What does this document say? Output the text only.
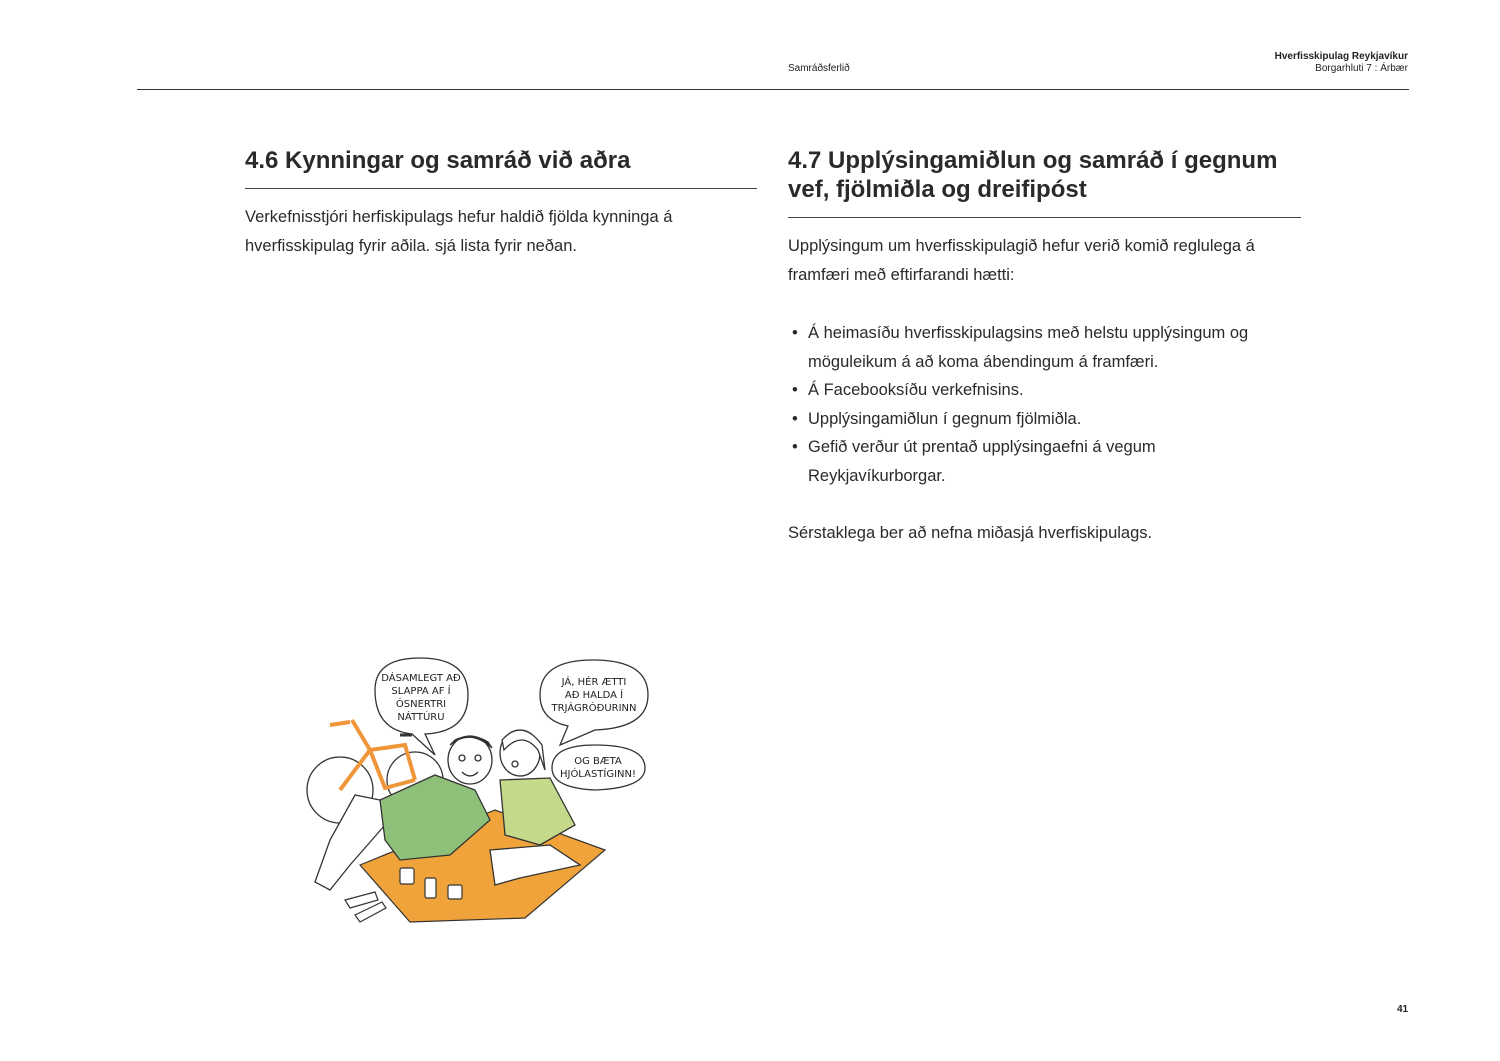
Samráðsferlið
Hverfisskipulag Reykjavíkur
Borgarhluti 7 : Árbær
4.6 Kynningar og samráð við aðra

Verkefnisstjóri herfiskipulags hefur haldið fjölda kynninga á
hverfisskipulag fyrir aðila. sjá lista fyrir neðan.

4.7 Upplýsingamiðlun og samráð í gegnum
vef, fjölmiðla og dreifipóst

Upplýsingum um hverfisskipulagið hefur verið komið reglulega á
framfæri með eftirfarandi hætti:

• Á heimasíðu hverfisskipulagsins með helstu upplýsingum og
möguleikum á að koma ábendingum á framfæri.
• Á Facebooksíðu verkefnisins.
• Upplýsingamiðlun í gegnum fjölmiðla.
• Gefið verður út prentað upplýsingaefni á vegum
Reykjavíkurborgar.

Sérstaklega ber að nefna miðasjá hverfiskipulags.

DÁSAMLEGT AÐ
SLAPPA AF Í
ÓSNERTRI
NÁTTÚRU
JÁ, HÉR ÆTTI
AÐ HALDA Í
TRJÁGRÓÐURINN
OG BÆTA
HJÓLASTÍGINN!
41
